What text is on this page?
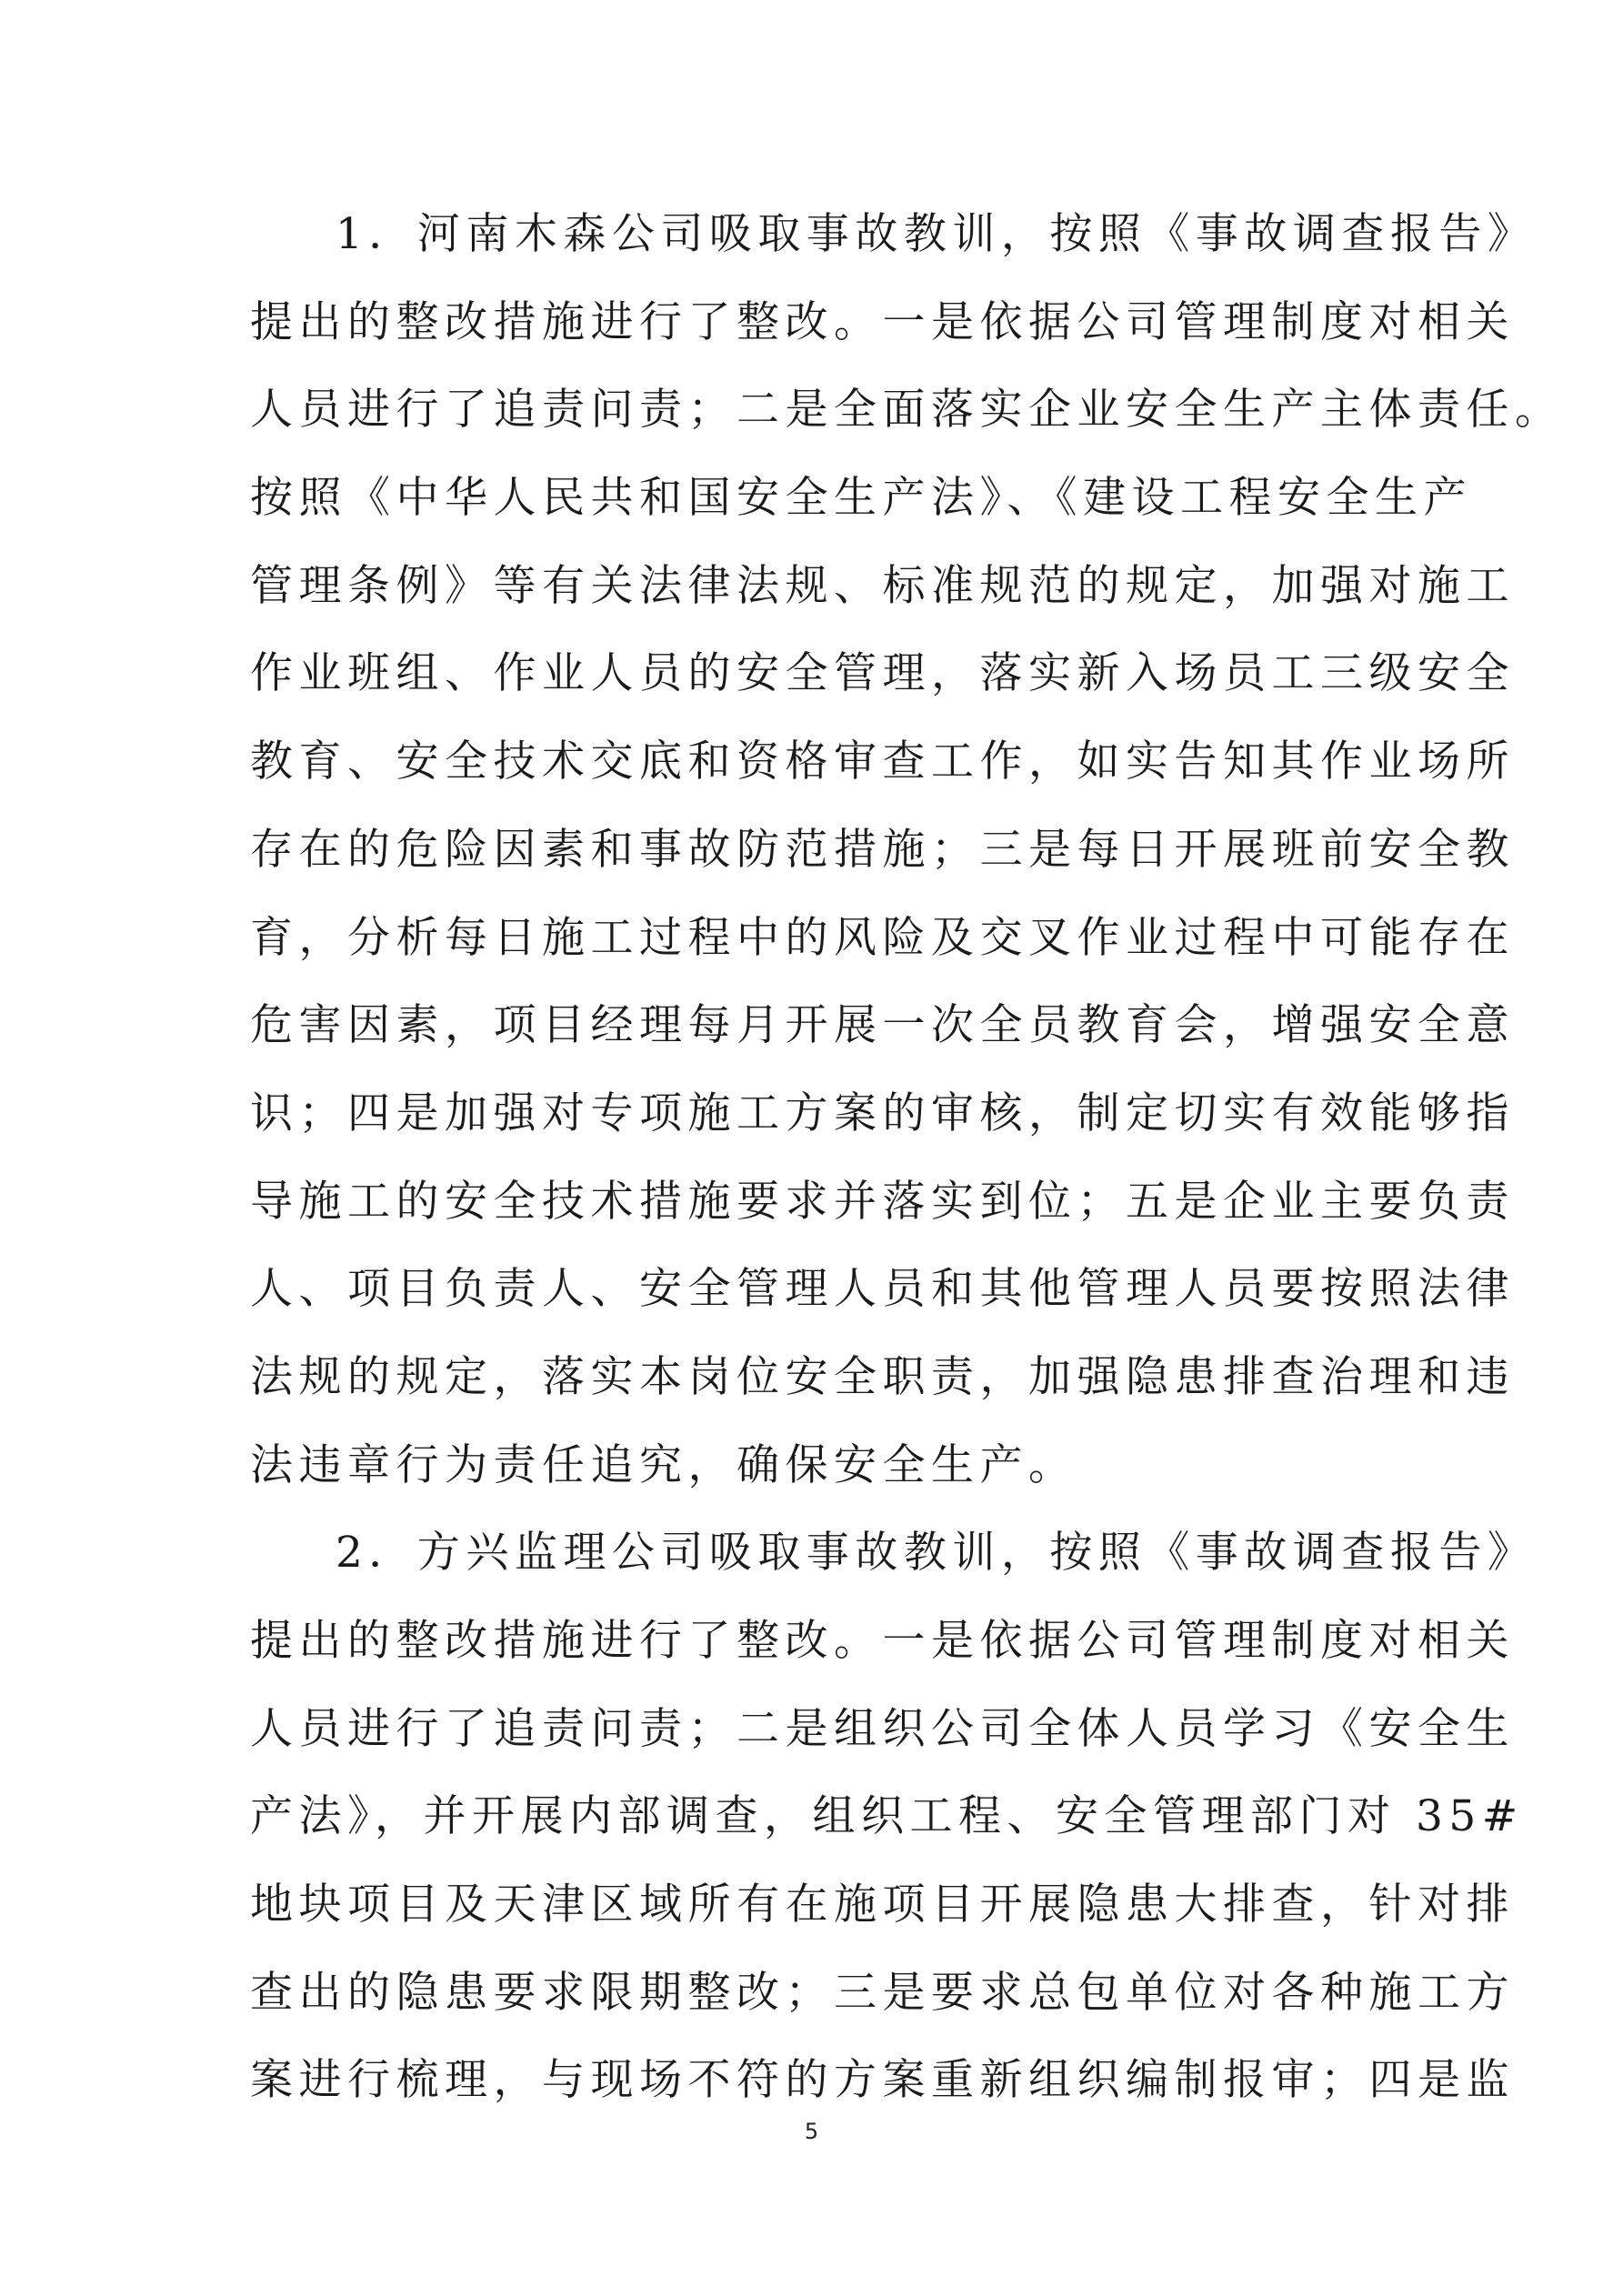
1．河南木森公司吸取事故教训，按照《事故调查报告》
提出的整改措施进行了整改。一是依据公司管理制度对相关
人员进行了追责问责；二是全面落实企业安全生产主体责任。
按照《中华人民共和国安全生产法》、《建设工程安全生产
管理条例》等有关法律法规、标准规范的规定，加强对施工
作业班组、作业人员的安全管理，落实新入场员工三级安全
教育、安全技术交底和资格审查工作，如实告知其作业场所
存在的危险因素和事故防范措施；三是每日开展班前安全教
育，分析每日施工过程中的风险及交叉作业过程中可能存在
危害因素，项目经理每月开展一次全员教育会，增强安全意
识；四是加强对专项施工方案的审核，制定切实有效能够指
导施工的安全技术措施要求并落实到位；五是企业主要负责
人、项目负责人、安全管理人员和其他管理人员要按照法律
法规的规定，落实本岗位安全职责，加强隐患排查治理和违
法违章行为责任追究，确保安全生产。
2．方兴监理公司吸取事故教训，按照《事故调查报告》
提出的整改措施进行了整改。一是依据公司管理制度对相关
人员进行了追责问责；二是组织公司全体人员学习《安全生
产法》，并开展内部调查，组织工程、安全管理部门对 35#
地块项目及天津区域所有在施项目开展隐患大排查，针对排
查出的隐患要求限期整改；三是要求总包单位对各种施工方
案进行梳理，与现场不符的方案重新组织编制报审；四是监
5
